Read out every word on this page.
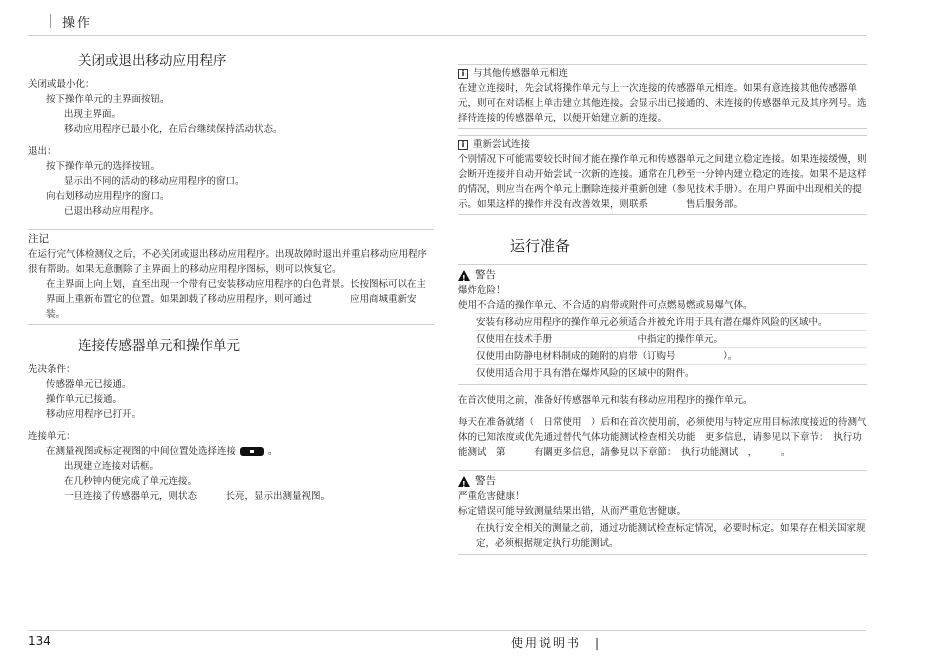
操作
关闭或退出移动应用程序
关闭或最小化：
按下操作单元的主界面按钮。
出现主界面。
移动应用程序已最小化，在后台继续保持活动状态。
退出：
按下操作单元的选择按钮。
显示出不同的活动的移动应用程序的窗口。
向右划移动应用程序的窗口。
已退出移动应用程序。
注记
在运行完气体检测仪之后，不必关闭或退出移动应用程序。出现故障时退出并重启移动应用程序很有帮助。如果无意删除了主界面上的移动应用程序图标，则可以恢复它。
在主界面上向上划，直至出现一个带有已安装移动应用程序的白色背景。长按图标可以在主界面上重新布置它的位置。如果卸载了移动应用程序，则可通过　　　　应用商城重新安装。
连接传感器单元和操作单元
先决条件：
传感器单元已接通。
操作单元已接通。
移动应用程序已打开。
连接单元：
在测量视图或标定视图的中间位置处选择连接	。
出现建立连接对话框。
在几秒钟内便完成了单元连接。
一旦连接了传感器单元，则状态　　　长亮，显示出测量视图。
i 与其他传感器单元相连
在建立连接时，先会试将操作单元与上一次连接的传感器单元相连。如果有意连接其他传感器单元，则可在对话框上单击建立其他连接。会显示出已接通的、未连接的传感器单元及其序列号。选择待连接的传感器单元，以便开始建立新的连接。
i 重新尝试连接
个别情况下可能需要较长时间才能在操作单元和传感器单元之间建立稳定连接。如果连接缓慢，则会断开连接并自动开始尝试一次新的连接。通常在几秒至一分钟内建立稳定的连接。如果不是这样的情况，则应当在两个单元上删除连接并重新创建（参见技术手册）。在用户界面中出现相关的提示。如果这样的操作并没有改善效果，则联系　　　　售后服务部。
运行准备
!
警告
爆炸危险！
使用不合适的操作单元、不合适的肩带或附件可点燃易燃或易爆气体。
安装有移动应用程序的操作单元必须适合并被允许用于具有潜在爆炸风险的区域中。
仅使用在技术手册　　　　　　　　　中指定的操作单元。
仅使用由防静电材料制成的随附的肩带（订购号　　　　　）。
仅使用适合用于具有潜在爆炸风险的区域中的附件。
在首次使用之前，准备好传感器单元和装有移动应用程序的操作单元。
每天在准备就绪（　日常使用　）后和在首次使用前，必须使用与特定应用目标浓度接近的待测气体的已知浓度或优先通过替代气体功能测试检查相关功能　更多信息，请参见以下章节：　执行功能测试　第　　　有關更多信息，請參見以下章節：　执行功能测试　，　　　。
!
警告
严重危害健康！
标定错误可能导致测量结果出错，从而严重危害健康。
在执行安全相关的测量之前，通过功能测试检查标定情况，必要时标定。如果存在相关国家规定，必须根据规定执行功能测试。
134	使用说明书　|
